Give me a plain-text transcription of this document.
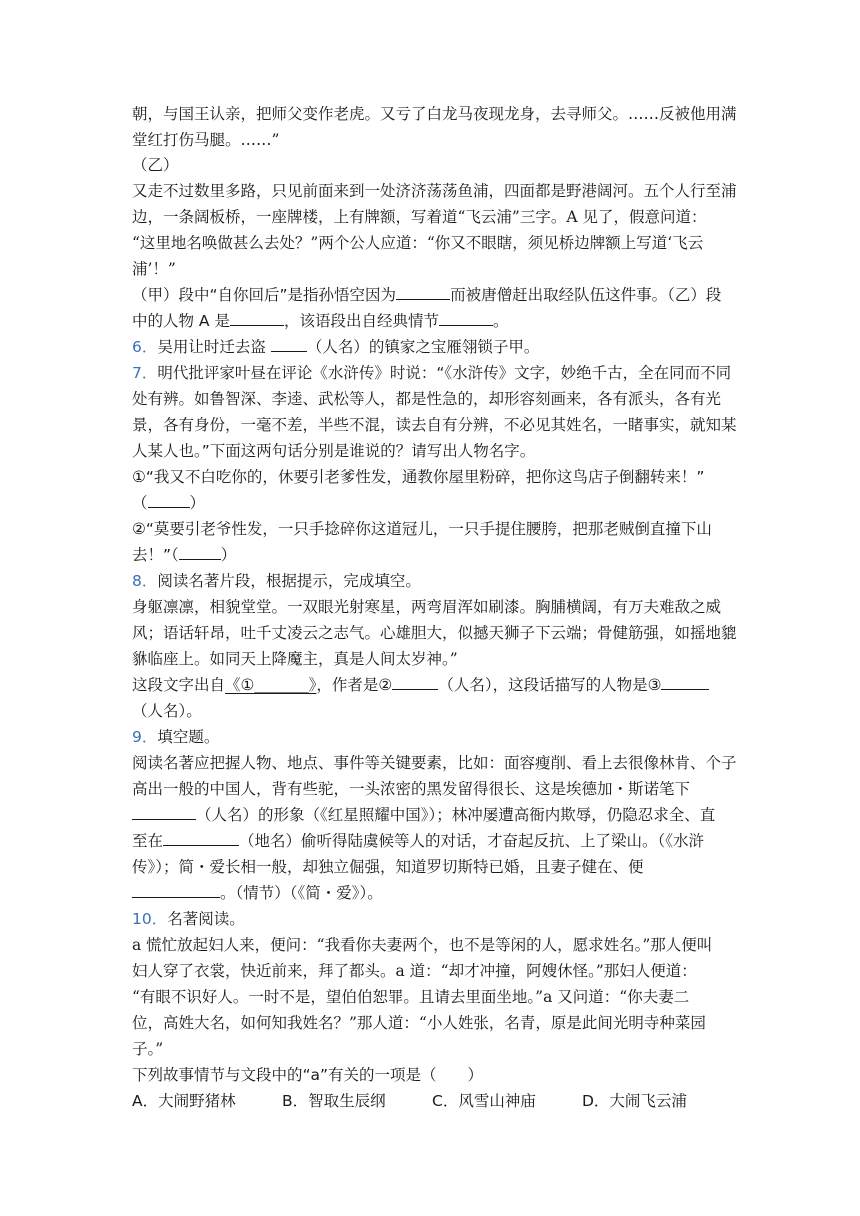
朝，与国王认亲，把师父变作老虎。又亏了白龙马夜现龙身，去寻师父。……反被他用满
堂红打伤马腿。……”
（乙）
又走不过数里多路，只见前面来到一处济济荡荡鱼浦，四面都是野港阔河。五个人行至浦
边，一条阔板桥，一座牌楼，上有牌额，写着道“飞云浦”三字。A 见了，假意问道：
“这里地名唤做甚么去处？”两个公人应道：“你又不眼瞎，须见桥边牌额上写道‘飞云
浦’！”
（甲）段中“自你回后”是指孙悟空因为	而被唐僧赶出取经队伍这件事。（乙）段
中的人物 A 是	，该语段出自经典情节	。
6．吴用让时迁去盗 （人名）的镇家之宝雁翎锁子甲。
7．明代批评家叶昼在评论《水浒传》时说：“《水浒传》文字，妙绝千古，全在同而不同
处有辨。如鲁智深、李逵、武松等人，都是性急的，却形容刻画来，各有派头，各有光
景，各有身份，一毫不差，半些不混，读去自有分辨，不必见其姓名，一睹事实，就知某
人某人也。”下面这两句话分别是谁说的？请写出人物名字。
①“我又不白吃你的，休要引老爹性发，通教你屋里粉碎，把你这鸟店子倒翻转来！”
（	）
②“莫要引老爷性发，一只手捻碎你这道冠儿，一只手提住腰胯，把那老贼倒直撞下山
去！”（	）
8．阅读名著片段，根据提示，完成填空。
身躯凛凛，相貌堂堂。一双眼光射寒星，两弯眉浑如刷漆。胸脯横阔，有万夫难敌之威
风；语话轩昂，吐千丈凌云之志气。心雄胆大，似撼天狮子下云端；骨健筋强，如摇地貔
貅临座上。如同天上降魔主，真是人间太岁神。”
这段文字出自《①_______》，作者是②	（人名），这段话描写的人物是③
（人名）。
9．填空题。
阅读名著应把握人物、地点、事件等关键要素，比如：面容瘦削、看上去很像林肯、个子
高出一般的中国人，背有些驼，一头浓密的黑发留得很长、这是埃德加・斯诺笔下
（人名）的形象（《红星照耀中国》）；林冲屡遭高衙内欺辱，仍隐忍求全、直
至在	（地名）偷听得陆虞候等人的对话，才奋起反抗、上了梁山。（《水浒
传》）；简・爱长相一般，却独立倔强，知道罗切斯特已婚，且妻子健在、便
。（情节）（《简・爱》）。
10．名著阅读。
a 慌忙放起妇人来，便问：“我看你夫妻两个，也不是等闲的人，愿求姓名。”那人便叫
妇人穿了衣裳，快近前来，拜了都头。a 道：“却才冲撞，阿嫂休怪。”那妇人便道：
“有眼不识好人。一时不是，望伯伯恕罪。且请去里面坐地。”a 又问道：“你夫妻二
位，高姓大名，如何知我姓名？”那人道：“小人姓张，名青，原是此间光明寺种菜园
子。”
下列故事情节与文段中的“a”有关的一项是（　　）
A．大闹野猪林	B．智取生辰纲	C．风雪山神庙	D．大闹飞云浦
